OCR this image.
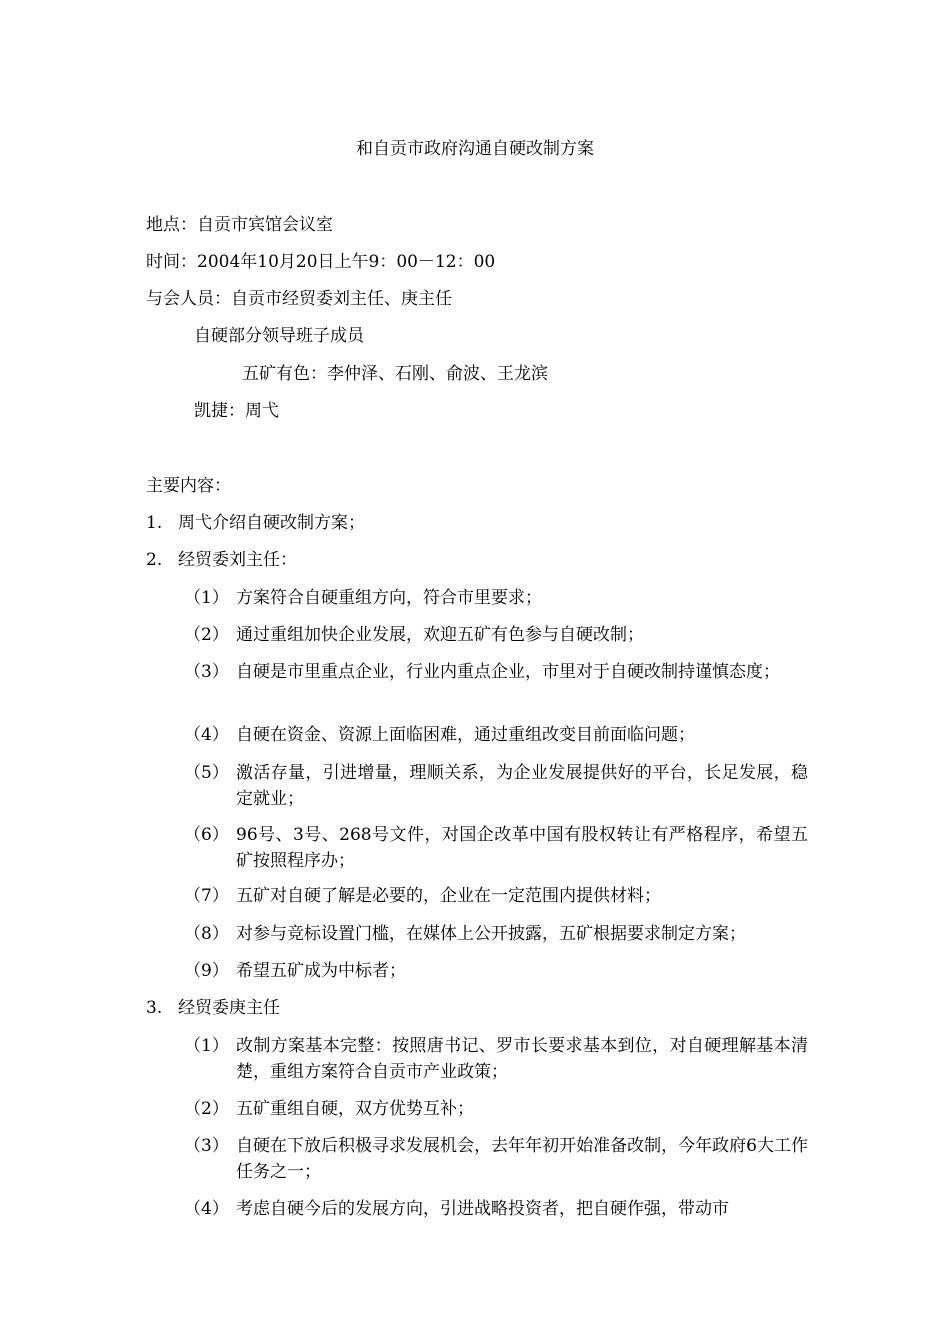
和自贡市政府沟通自硬改制方案
地点：自贡市宾馆会议室
时间：2004年10月20日上午9：00－12：00
与会人员：自贡市经贸委刘主任、庚主任
自硬部分领导班子成员
五矿有色：李仲泽、石刚、俞波、王龙滨
凯捷：周弋
主要内容：
1. 周弋介绍自硬改制方案；
2. 经贸委刘主任：
（1） 方案符合自硬重组方向，符合市里要求；
（2） 通过重组加快企业发展，欢迎五矿有色参与自硬改制；
（3） 自硬是市里重点企业，行业内重点企业，市里对于自硬改制持谨慎态度；
（4） 自硬在资金、资源上面临困难，通过重组改变目前面临问题；
（5） 激活存量，引进增量，理顺关系，为企业发展提供好的平台，长足发展，稳定就业；
（6） 96号、3号、268号文件，对国企改革中国有股权转让有严格程序，希望五矿按照程序办；
（7） 五矿对自硬了解是必要的，企业在一定范围内提供材料；
（8） 对参与竞标设置门槛，在媒体上公开披露，五矿根据要求制定方案；
（9） 希望五矿成为中标者；
3. 经贸委庚主任
（1） 改制方案基本完整：按照唐书记、罗市长要求基本到位，对自硬理解基本清楚，重组方案符合自贡市产业政策；
（2） 五矿重组自硬，双方优势互补；
（3） 自硬在下放后积极寻求发展机会，去年年初开始准备改制，今年政府6大工作任务之一；
（4） 考虑自硬今后的发展方向，引进战略投资者，把自硬作强，带动市
